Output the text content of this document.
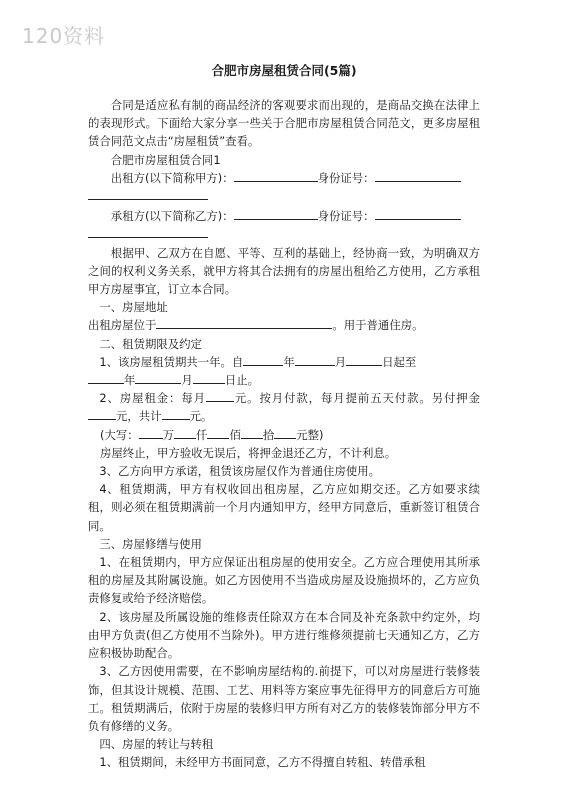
120资料

合肥市房屋租赁合同(5篇)

合同是适应私有制的商品经济的客观要求而出现的，是商品交换在法律上的表现形式。下面给大家分享一些关于合肥市房屋租赁合同范文，更多房屋租赁合同范文点击“房屋租赁”查看。

合肥市房屋租赁合同1

出租方(以下简称甲方)：	身份证号：

承租方(以下简称乙方)：	身份证号：

根据甲、乙双方在自愿、平等、互利的基础上，经协商一致，为明确双方之间的权利义务关系，就甲方将其合法拥有的房屋出租给乙方使用，乙方承租甲方房屋事宜，订立本合同。

一、房屋地址

出租房屋位于	。用于普通住房。

二、租赁期限及约定

1、该房屋租赁期共一年。自	年	月	日起至

年	月	日止。

2、房屋租金：每月 元。按月付款，每月提前五天付款。另付押金元，共计 元。

(大写： 万 仟 佰 拾 元整)

房屋终止，甲方验收无误后，将押金退还乙方，不计利息。

3、乙方向甲方承诺，租赁该房屋仅作为普通住房使用。

4、租赁期满，甲方有权收回出租房屋，乙方应如期交还。乙方如要求续租，则必须在租赁期满前一个月内通知甲方，经甲方同意后，重新签订租赁合同。

三、房屋修缮与使用

1、在租赁期内，甲方应保证出租房屋的使用安全。乙方应合理使用其所承租的房屋及其附属设施。如乙方因使用不当造成房屋及设施损坏的，乙方应负责修复或给予经济赔偿。

2、该房屋及所属设施的维修责任除双方在本合同及补充条款中约定外，均由甲方负责(但乙方使用不当除外)。甲方进行维修须提前七天通知乙方，乙方应积极协助配合。

3、乙方因使用需要，在不影响房屋结构的.前提下，可以对房屋进行装修装饰，但其设计规模、范围、工艺、用料等方案应事先征得甲方的同意后方可施工。租赁期满后，依附于房屋的装修归甲方所有对乙方的装修装饰部分甲方不负有修缮的义务。

四、房屋的转让与转租

1、租赁期间，未经甲方书面同意，乙方不得擅自转租、转借承租
